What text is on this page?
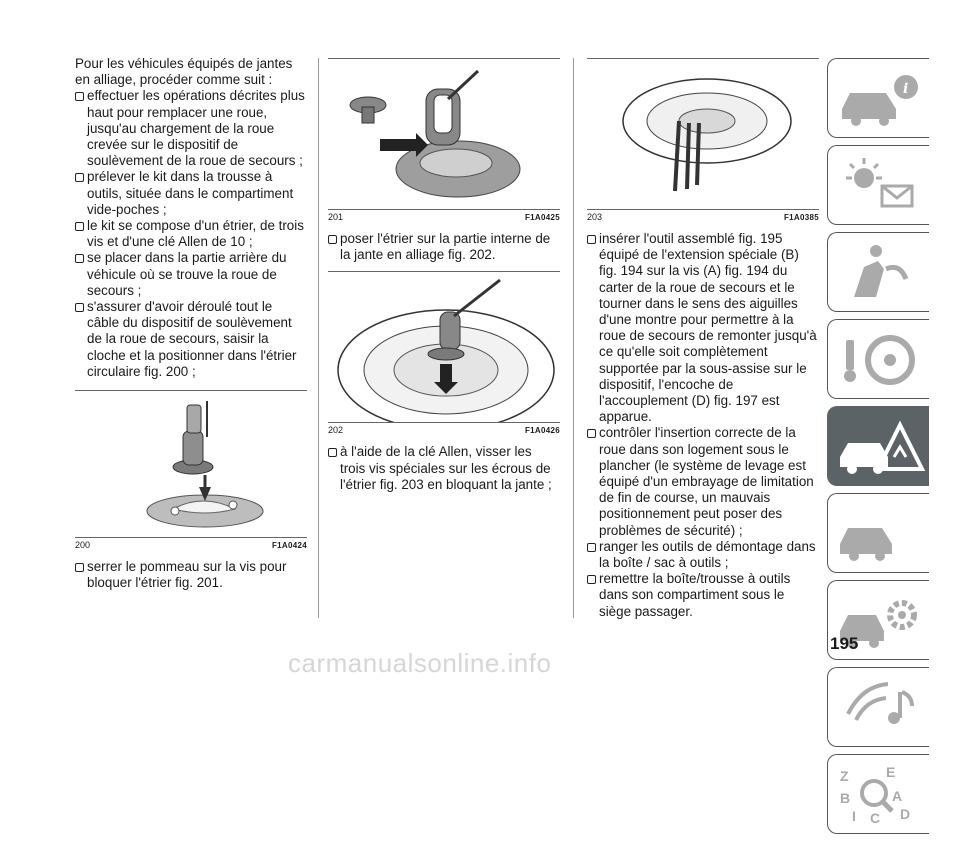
Pour les véhicules équipés de jantes en alliage, procéder comme suit :

effectuer les opérations décrites plus haut pour remplacer une roue, jusqu'au chargement de la roue crevée sur le dispositif de soulèvement de la roue de secours ;

prélever le kit dans la trousse à outils, située dans le compartiment vide-poches ;

le kit se compose d'un étrier, de trois vis et d'une clé Allen de 10 ;

se placer dans la partie arrière du véhicule où se trouve la roue de secours ;

s'assurer d'avoir déroulé tout le câble du dispositif de soulèvement de la roue de secours, saisir la cloche et la positionner dans l'étrier circulaire fig. 200 ;

200	F1A0424

serrer le pommeau sur la vis pour bloquer l'étrier fig. 201.

201	F1A0425

poser l'étrier sur la partie interne de la jante en alliage fig. 202.

202	F1A0426

à l'aide de la clé Allen, visser les trois vis spéciales sur les écrous de l'étrier fig. 203 en bloquant la jante ;

203	F1A0385

insérer l'outil assemblé fig. 195 équipé de l'extension spéciale (B) fig. 194 sur la vis (A) fig. 194 du carter de la roue de secours et le tourner dans le sens des aiguilles d'une montre pour permettre à la roue de secours de remonter jusqu'à ce qu'elle soit complètement supportée par la sous-assise sur le dispositif, l'encoche de l'accouplement (D) fig. 197 est apparue.

contrôler l'insertion correcte de la roue dans son logement sous le plancher (le système de levage est équipé d'un embrayage de limitation de fin de course, un mauvais positionnement peut poser des problèmes de sécurité) ;

ranger les outils de démontage dans la boîte / sac à outils ;

remettre la boîte/trousse à outils dans son compartiment sous le siège passager.

i
Z	E
B	A
I C D
195
carmanualsonline.info
